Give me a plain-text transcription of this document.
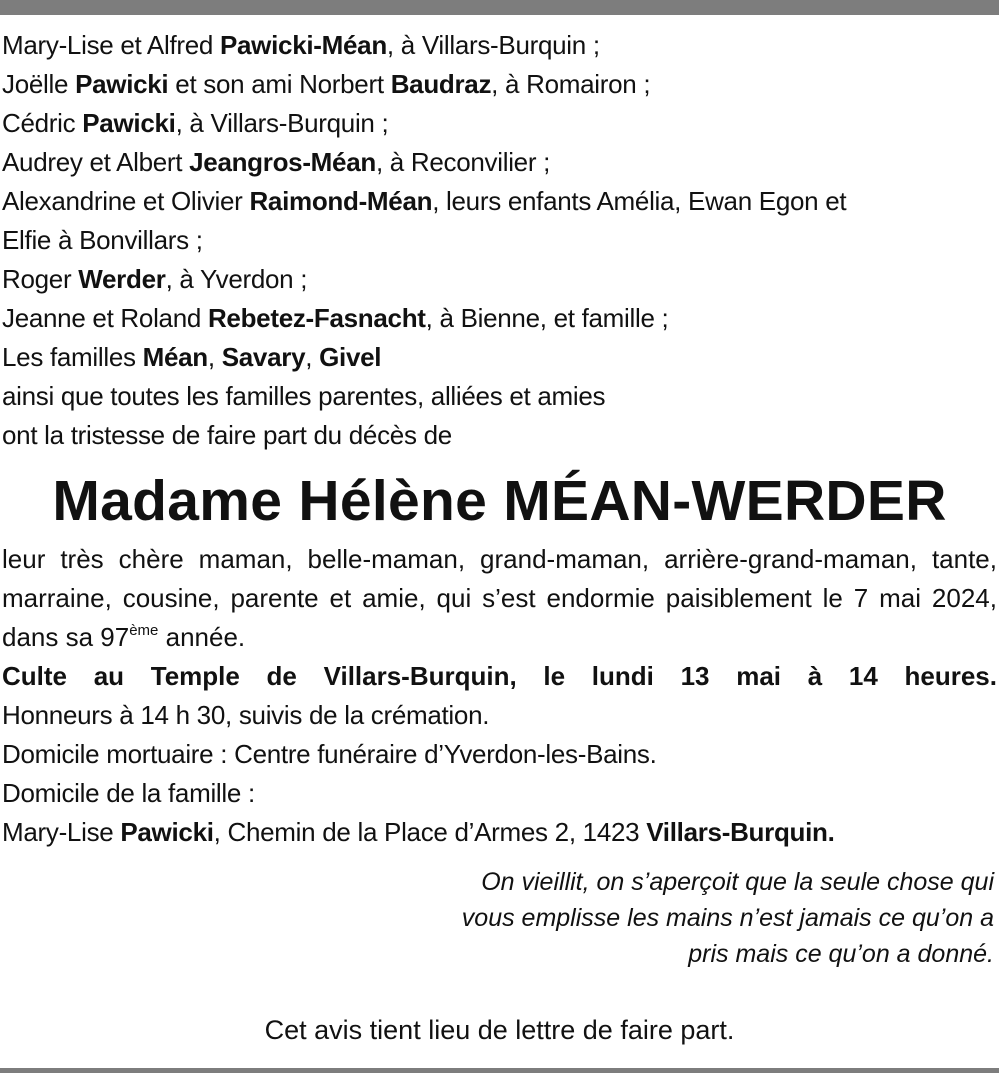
Mary-Lise et Alfred Pawicki-Méan, à Villars-Burquin ;
Joëlle Pawicki et son ami Norbert Baudraz, à Romairon ;
Cédric Pawicki, à Villars-Burquin ;
Audrey et Albert Jeangros-Méan, à Reconvilier ;
Alexandrine et Olivier Raimond-Méan, leurs enfants Amélia, Ewan Egon et
Elfie à Bonvillars ;
Roger Werder, à Yverdon ;
Jeanne et Roland Rebetez-Fasnacht, à Bienne, et famille ;
Les familles Méan, Savary, Givel
ainsi que toutes les familles parentes, alliées et amies
ont la tristesse de faire part du décès de
Madame Hélène MÉAN-WERDER
leur très chère maman, belle-maman, grand-maman, arrière-grand-maman, tante, marraine, cousine, parente et amie, qui s’est endormie paisiblement le 7 mai 2024, dans sa 97ème année.
Culte au Temple de Villars-Burquin, le lundi 13 mai à 14 heures.
Honneurs à 14 h 30, suivis de la crémation.
Domicile mortuaire : Centre funéraire d’Yverdon-les-Bains.
Domicile de la famille :
Mary-Lise Pawicki, Chemin de la Place d’Armes 2, 1423 Villars-Burquin.
On vieillit, on s’aperçoit que la seule chose qui
vous emplisse les mains n’est jamais ce qu’on a
pris mais ce qu’on a donné.
Cet avis tient lieu de lettre de faire part.
